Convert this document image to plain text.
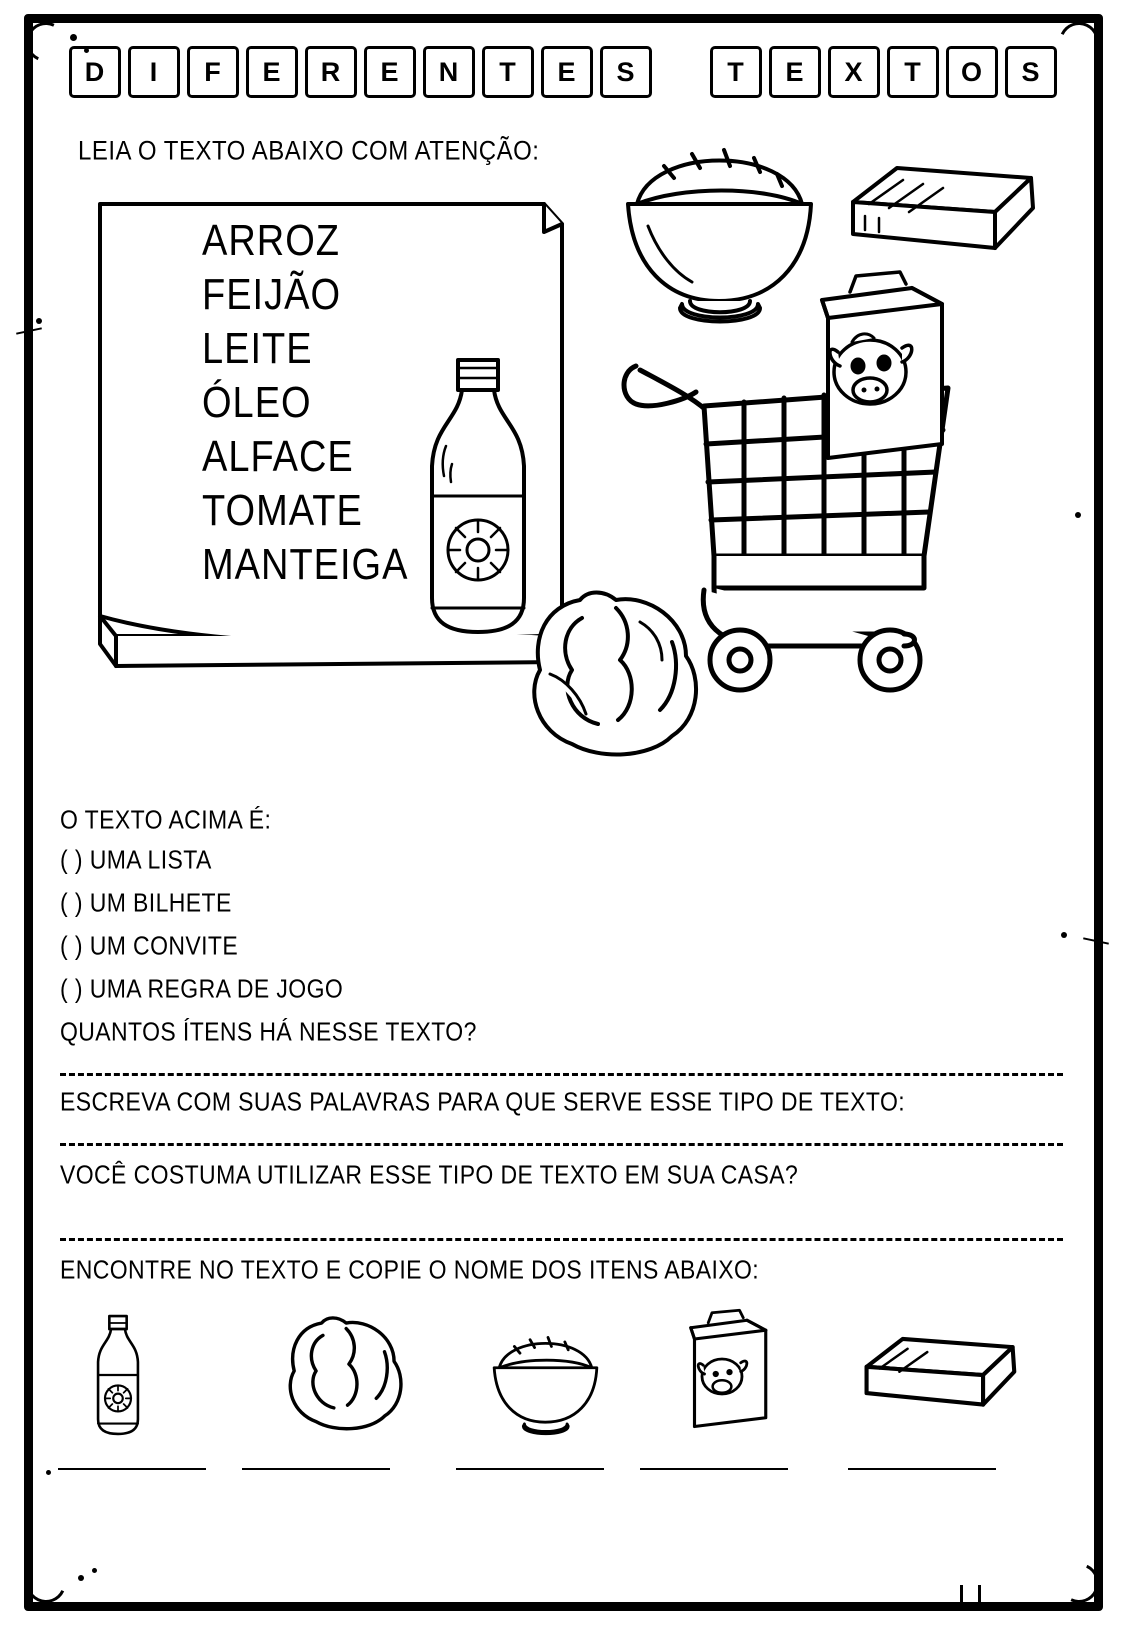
D	I	F	E	R	E	N	T	E	S	T	E	X	T	O	S
LEIA O TEXTO ABAIXO COM ATENÇÃO:
ARROZ
FEIJÃO
LEITE
ÓLEO
ALFACE
TOMATE
MANTEIGA
O TEXTO ACIMA É:
( ) UMA LISTA
( ) UM BILHETE
( ) UM CONVITE
( ) UMA REGRA DE JOGO
QUANTOS ÍTENS HÁ NESSE TEXTO?
ESCREVA COM SUAS PALAVRAS PARA QUE SERVE ESSE TIPO DE TEXTO:
VOCÊ COSTUMA UTILIZAR ESSE TIPO DE TEXTO EM SUA CASA?
ENCONTRE NO TEXTO E COPIE O NOME DOS ITENS ABAIXO:
